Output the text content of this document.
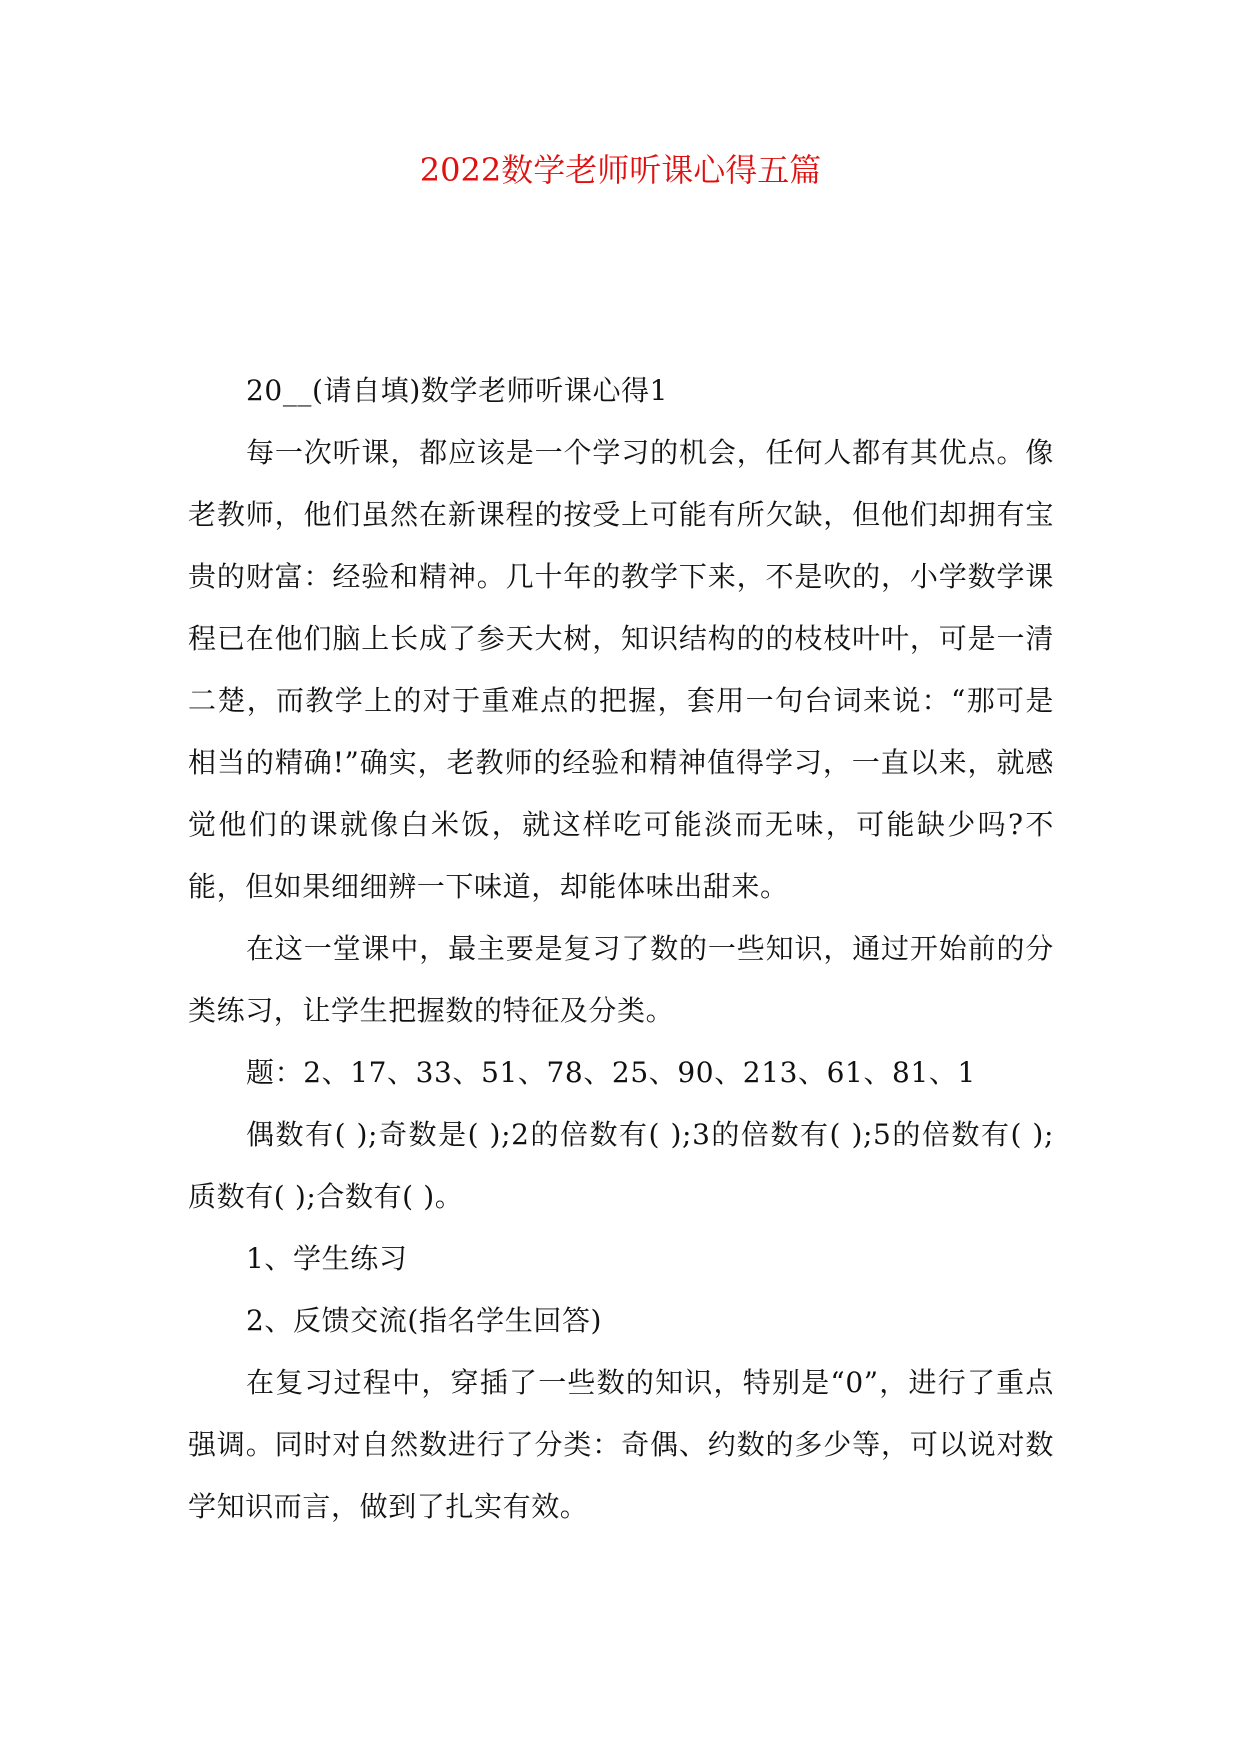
2022数学老师听课心得五篇

20__(请自填)数学老师听课心得1

每一次听课，都应该是一个学习的机会，任何人都有其优点。像老教师，他们虽然在新课程的按受上可能有所欠缺，但他们却拥有宝贵的财富：经验和精神。几十年的教学下来，不是吹的，小学数学课程已在他们脑上长成了参天大树，知识结构的的枝枝叶叶，可是一清二楚，而教学上的对于重难点的把握，套用一句台词来说：“那可是相当的精确!”确实，老教师的经验和精神值得学习，一直以来，就感觉他们的课就像白米饭，就这样吃可能淡而无味，可能缺少吗?不能，但如果细细辨一下味道，却能体味出甜来。

在这一堂课中，最主要是复习了数的一些知识，通过开始前的分类练习，让学生把握数的特征及分类。

题：2、17、33、51、78、25、90、213、61、81、1

偶数有( );奇数是( );2的倍数有( );3的倍数有( );5的倍数有( );质数有( );合数有( )。

1、学生练习

2、反馈交流(指名学生回答)

在复习过程中，穿插了一些数的知识，特别是“0”，进行了重点强调。同时对自然数进行了分类：奇偶、约数的多少等，可以说对数学知识而言，做到了扎实有效。
